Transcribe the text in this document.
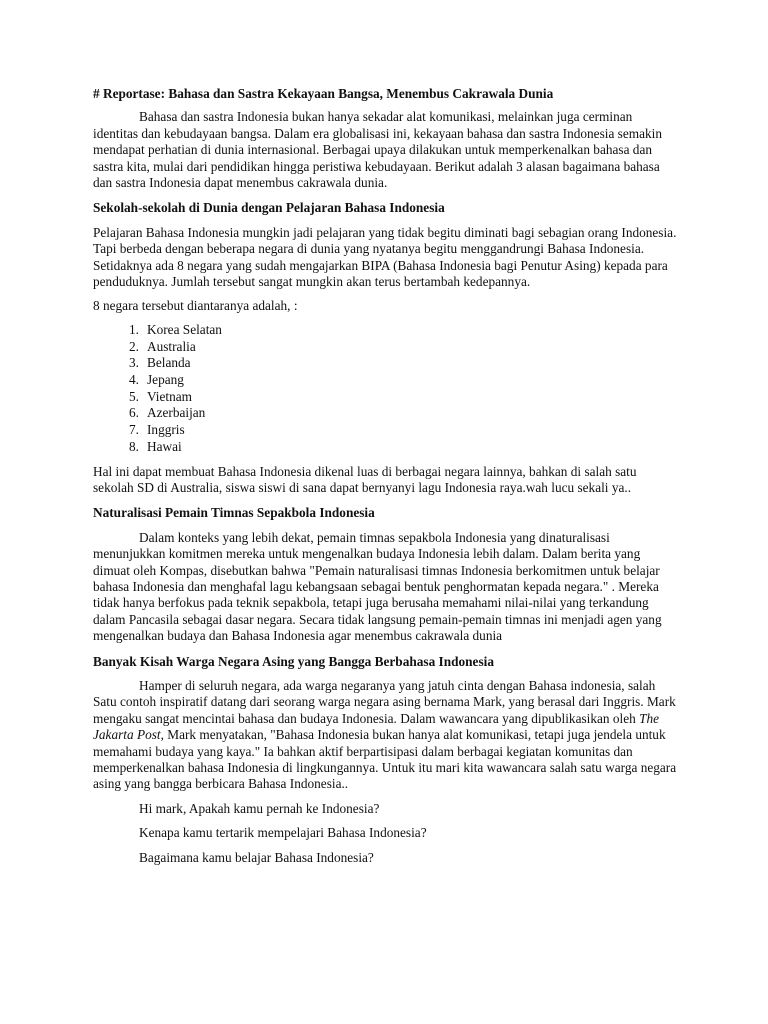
# Reportase: Bahasa dan Sastra Kekayaan Bangsa, Menembus Cakrawala Dunia

Bahasa dan sastra Indonesia bukan hanya sekadar alat komunikasi, melainkan juga cerminan identitas dan kebudayaan bangsa. Dalam era globalisasi ini, kekayaan bahasa dan sastra Indonesia semakin mendapat perhatian di dunia internasional. Berbagai upaya dilakukan untuk memperkenalkan bahasa dan sastra kita, mulai dari pendidikan hingga peristiwa kebudayaan. Berikut adalah 3 alasan bagaimana bahasa dan sastra Indonesia dapat menembus cakrawala dunia.

Sekolah-sekolah di Dunia dengan Pelajaran Bahasa Indonesia

Pelajaran Bahasa Indonesia mungkin jadi pelajaran yang tidak begitu diminati bagi sebagian orang Indonesia. Tapi berbeda dengan beberapa negara di dunia yang nyatanya begitu menggandrungi Bahasa Indonesia.

Setidaknya ada 8 negara yang sudah mengajarkan BIPA (Bahasa Indonesia bagi Penutur Asing) kepada para penduduknya. Jumlah tersebut sangat mungkin akan terus bertambah kedepannya.

8 negara tersebut diantaranya adalah, :

1. Korea Selatan
2. Australia
3. Belanda
4. Jepang
5. Vietnam
6. Azerbaijan
7. Inggris
8. Hawai

Hal ini dapat membuat Bahasa Indonesia dikenal luas di berbagai negara lainnya, bahkan di salah satu sekolah SD di Australia, siswa siswi di sana dapat bernyanyi lagu Indonesia raya.wah lucu sekali ya..

Naturalisasi Pemain Timnas Sepakbola Indonesia

Dalam konteks yang lebih dekat, pemain timnas sepakbola Indonesia yang dinaturalisasi menunjukkan komitmen mereka untuk mengenalkan budaya Indonesia lebih dalam. Dalam berita yang dimuat oleh Kompas, disebutkan bahwa "Pemain naturalisasi timnas Indonesia berkomitmen untuk belajar bahasa Indonesia dan menghafal lagu kebangsaan sebagai bentuk penghormatan kepada negara." . Mereka tidak hanya berfokus pada teknik sepakbola, tetapi juga berusaha memahami nilai-nilai yang terkandung dalam Pancasila sebagai dasar negara. Secara tidak langsung pemain-pemain timnas ini menjadi agen yang mengenalkan budaya dan Bahasa Indonesia agar menembus cakrawala dunia

Banyak Kisah Warga Negara Asing yang Bangga Berbahasa Indonesia

Hamper di seluruh negara, ada warga negaranya yang jatuh cinta dengan Bahasa indonesia, salah Satu contoh inspiratif datang dari seorang warga negara asing bernama Mark, yang berasal dari Inggris. Mark mengaku sangat mencintai bahasa dan budaya Indonesia. Dalam wawancara yang dipublikasikan oleh The Jakarta Post, Mark menyatakan, "Bahasa Indonesia bukan hanya alat komunikasi, tetapi juga jendela untuk memahami budaya yang kaya." Ia bahkan aktif berpartisipasi dalam berbagai kegiatan komunitas dan memperkenalkan bahasa Indonesia di lingkungannya. Untuk itu mari kita wawancara salah satu warga negara asing yang bangga berbicara Bahasa Indonesia..

Hi mark, Apakah kamu pernah ke Indonesia?

Kenapa kamu tertarik mempelajari Bahasa Indonesia?

Bagaimana kamu belajar Bahasa Indonesia?
